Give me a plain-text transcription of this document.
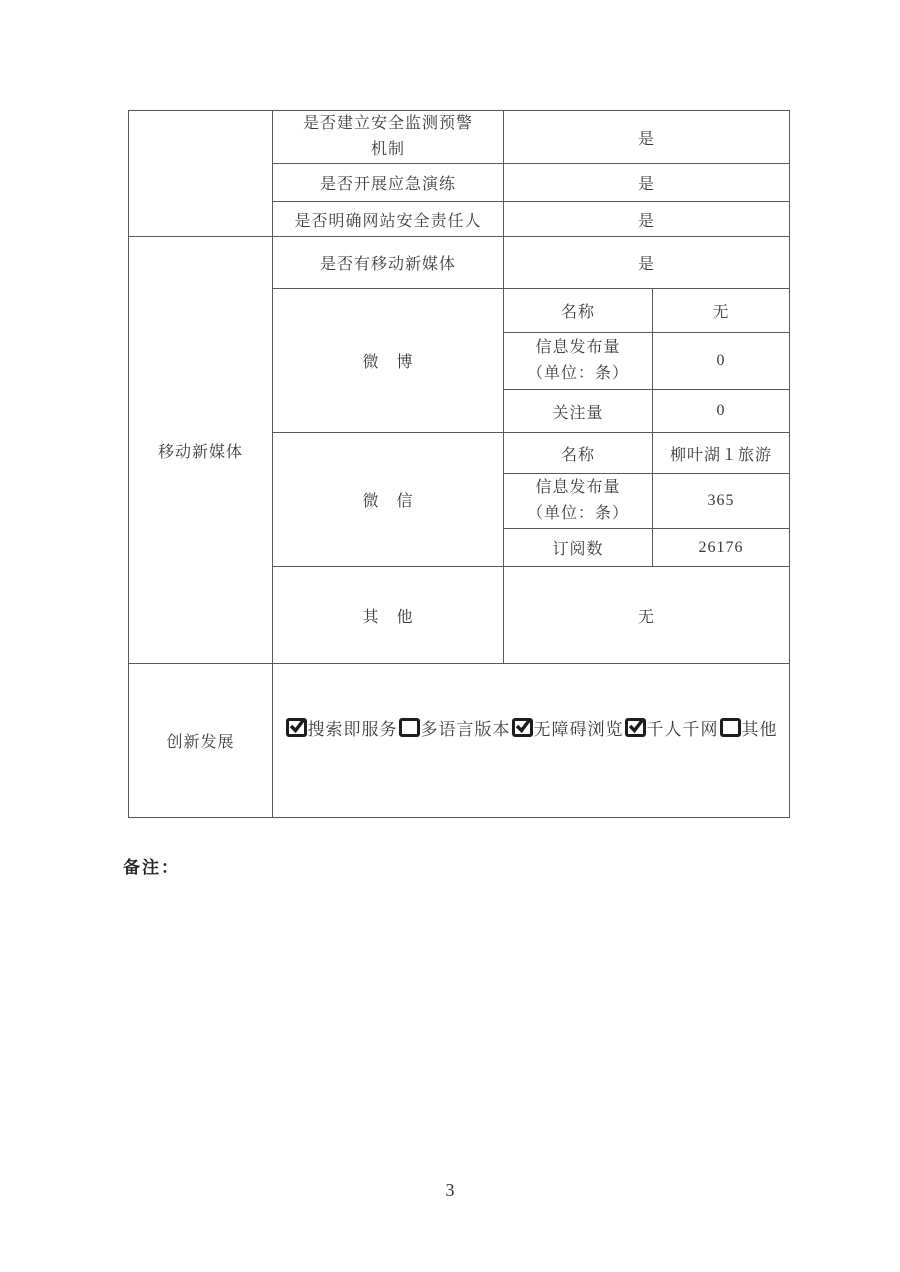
	是否建立安全监测预警
机制	是	
	是否开展应急演练	是	
	是否明确网站安全责任人	是	
移动新媒体	是否有移动新媒体	是	
	微　博	名称	无

		信息发布量
（单位：条）	0
		关注量	0
	微　信	名称	柳叶湖１旅游

		信息发布量
（单位：条）	365
		订阅数	26176
	其　他	无	
创新发展	搜索即服务 多语言版本 无障碍浏览 千人千网 其他		
备注：
3
